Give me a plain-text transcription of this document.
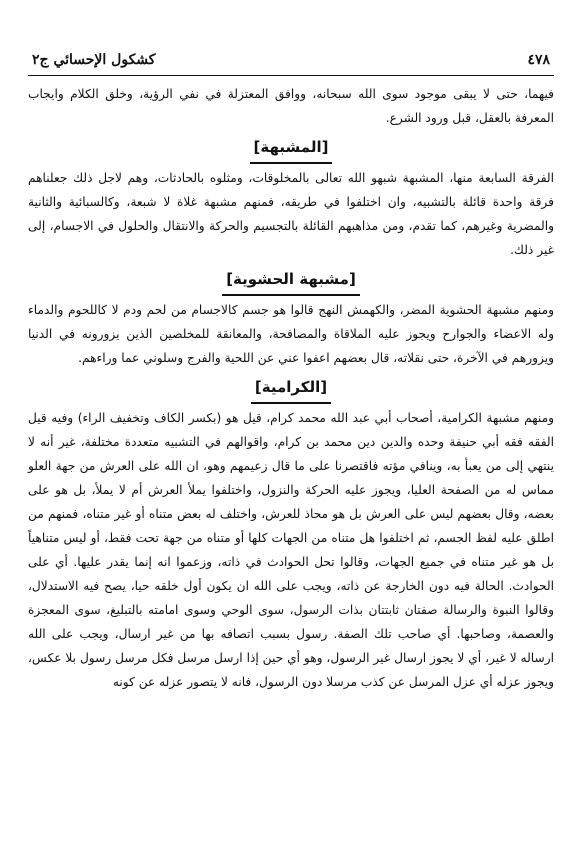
٤٧٨
كشكول الإحسائي ج٢

فيهما، حتى لا يبقى موجود سوى الله سبحانه، ووافق المعتزلة في نفي الرؤية، وخلق الكلام وايجاب المعرفة بالعقل، قبل ورود الشرع.

[المشبهة]

الفرقة السابعة منها، المشبهة شبهو الله تعالى بالمخلوقات، ومثلوه بالحادثات، وهم لاجل ذلك جعلناهم فرقة واحدة قائلة بالتشبيه، وان اختلفوا في طريقه، فمنهم مشبهة غلاة لا شبعة، وكالسبائية والثانية والمضرية وغيرهم، كما تقدم، ومن مذاهبهم القائلة بالتجسيم والحركة والانتقال والحلول في الاجسام، إلى غير ذلك.

[مشبهة الحشوية]

ومنهم مشبهة الحشوية المضر، والكهمش النهج قالوا هو جسم كالاجسام من لحم ودم لا كاللحوم والدماء وله الاعضاء والجوارح ويجوز عليه الملاقاة والمصافحة، والمعانقة للمخلصين الذين يزورونه في الدنيا ويزورهم في الآخرة، حتى نقلاته، قال بعضهم اعفوا عني عن اللحية والفرج وسلوني عما وراءهم.

[الكرامية]

ومنهم مشبهة الكرامية، أصحاب أبي عبد الله محمد كرام، قيل هو (بكسر الكاف وتخفيف الراء) وفيه قيل الفقه فقه أبي حنيفة وحده والدين دين محمد بن كرام، واقوالهم في التشبيه متعددة مختلفة، غير أنه لا ينتهي إلى من يعبأ به، وينافي مؤته فاقتصرنا على ما قال زعيمهم وهو، ان الله على العرش من جهة العلو مماس له من الصفحة العليا، ويجوز عليه الحركة والنزول، واختلفوا يملأ العرش أم لا يملأ، بل هو على بعضه، وقال بعضهم ليس على العرش بل هو محاذ للعرش، واختلف له بعض متناه أو غير متناه، فمنهم من اطلق عليه لفظ الجسم، ثم اختلفوا هل متناه من الجهات كلها أو متناه من جهة تحت فقط، أو ليس متناهياً بل هو غير متناه في جميع الجهات، وقالوا تحل الحوادث في ذاته، وزعموا انه إنما يقدر عليها. أي على الحوادث. الحالة فيه دون الخارجة عن ذاته، ويجب على الله ان يكون أول خلقه حيا، يصح فيه الاستدلال، وقالوا النبوة والرسالة صفتان ثابتتان بذات الرسول، سوى الوحي وسوى امامته بالتبليغ، سوى المعجزة والعصمة، وصاحبها. أي صاحب تلك الصفة. رسول بسبب اتصافه بها من غير ارسال، ويجب على الله ارساله لا غير، أي لا يجوز ارسال غير الرسول، وهو أي حين إذا ارسل مرسل فكل مرسل رسول بلا عكس، ويجوز عزله أي عزل المرسل عن كذب مرسلا دون الرسول، فانه لا يتصور عزله عن كونه
